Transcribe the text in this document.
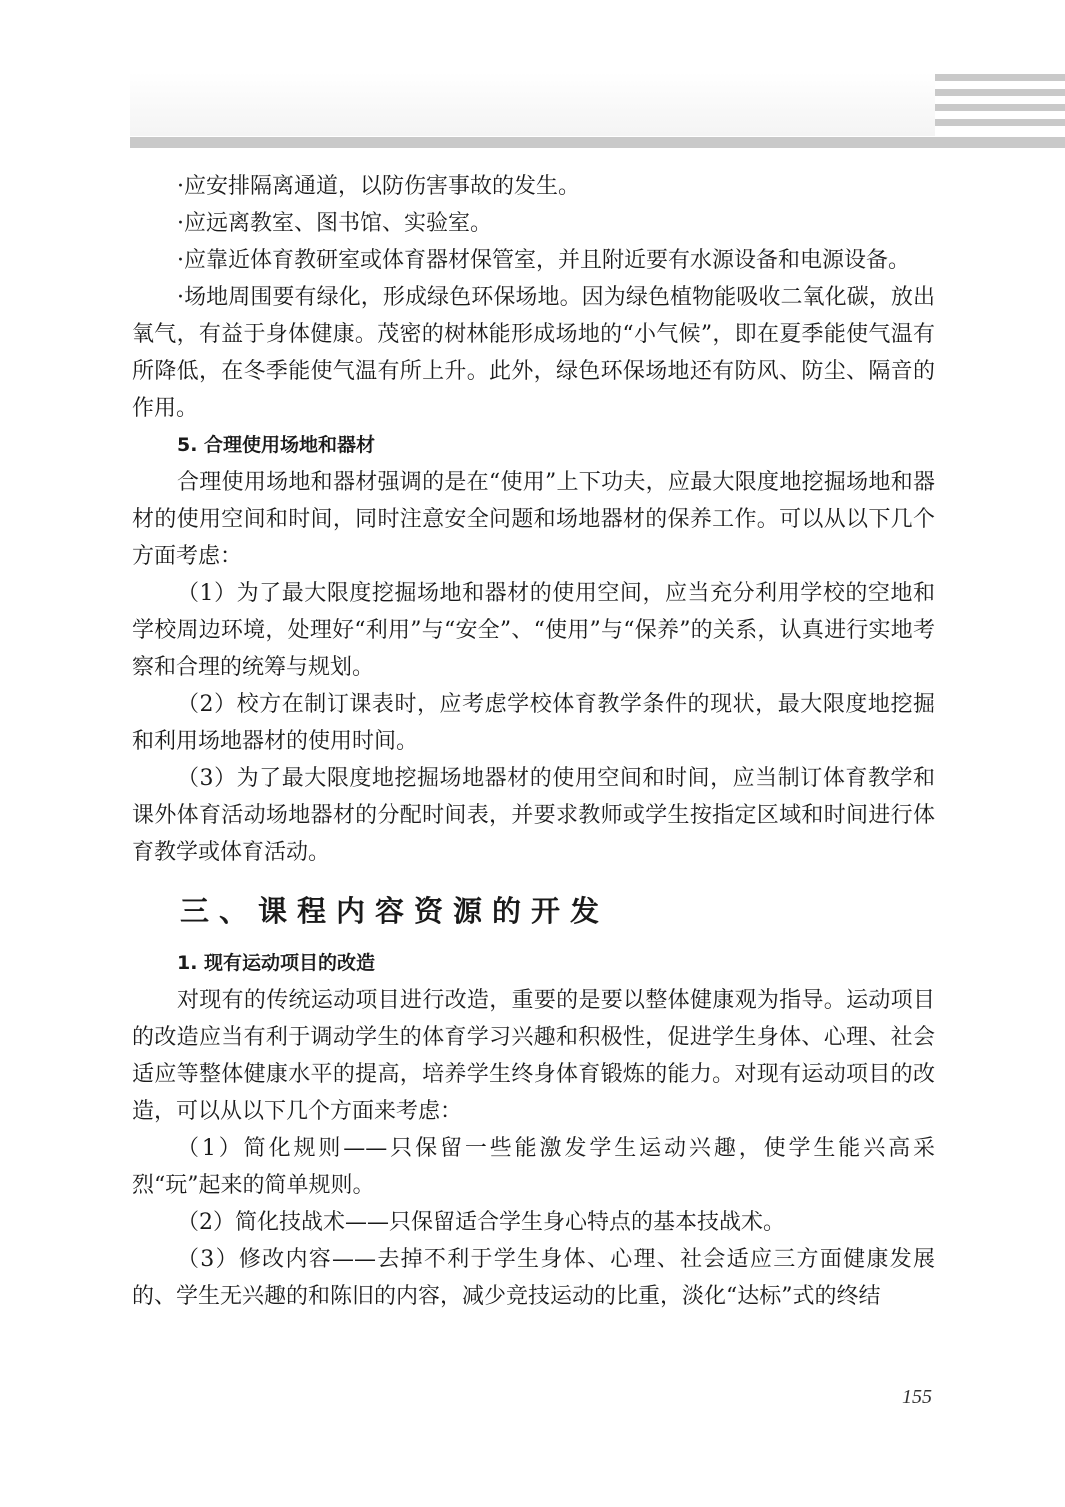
·应安排隔离通道，以防伤害事故的发生。

·应远离教室、图书馆、实验室。

·应靠近体育教研室或体育器材保管室，并且附近要有水源设备和电源设备。

·场地周围要有绿化，形成绿色环保场地。因为绿色植物能吸收二氧化碳，放出氧气，有益于身体健康。茂密的树林能形成场地的“小气候”，即在夏季能使气温有所降低，在冬季能使气温有所上升。此外，绿色环保场地还有防风、防尘、隔音的作用。

5. 合理使用场地和器材

合理使用场地和器材强调的是在“使用”上下功夫，应最大限度地挖掘场地和器材的使用空间和时间，同时注意安全问题和场地器材的保养工作。可以从以下几个方面考虑：

（1）为了最大限度挖掘场地和器材的使用空间，应当充分利用学校的空地和学校周边环境，处理好“利用”与“安全”、“使用”与“保养”的关系，认真进行实地考察和合理的统筹与规划。

（2）校方在制订课表时，应考虑学校体育教学条件的现状，最大限度地挖掘和利用场地器材的使用时间。

（3）为了最大限度地挖掘场地器材的使用空间和时间，应当制订体育教学和课外体育活动场地器材的分配时间表，并要求教师或学生按指定区域和时间进行体育教学或体育活动。

三、课程内容资源的开发
1. 现有运动项目的改造

对现有的传统运动项目进行改造，重要的是要以整体健康观为指导。运动项目的改造应当有利于调动学生的体育学习兴趣和积极性，促进学生身体、心理、社会适应等整体健康水平的提高，培养学生终身体育锻炼的能力。对现有运动项目的改造，可以从以下几个方面来考虑：

（1）简化规则——只保留一些能激发学生运动兴趣，使学生能兴高采烈“玩”起来的简单规则。

（2）简化技战术——只保留适合学生身心特点的基本技战术。

（3）修改内容——去掉不利于学生身体、心理、社会适应三方面健康发展的、学生无兴趣的和陈旧的内容，减少竞技运动的比重，淡化“达标”式的终结

155
